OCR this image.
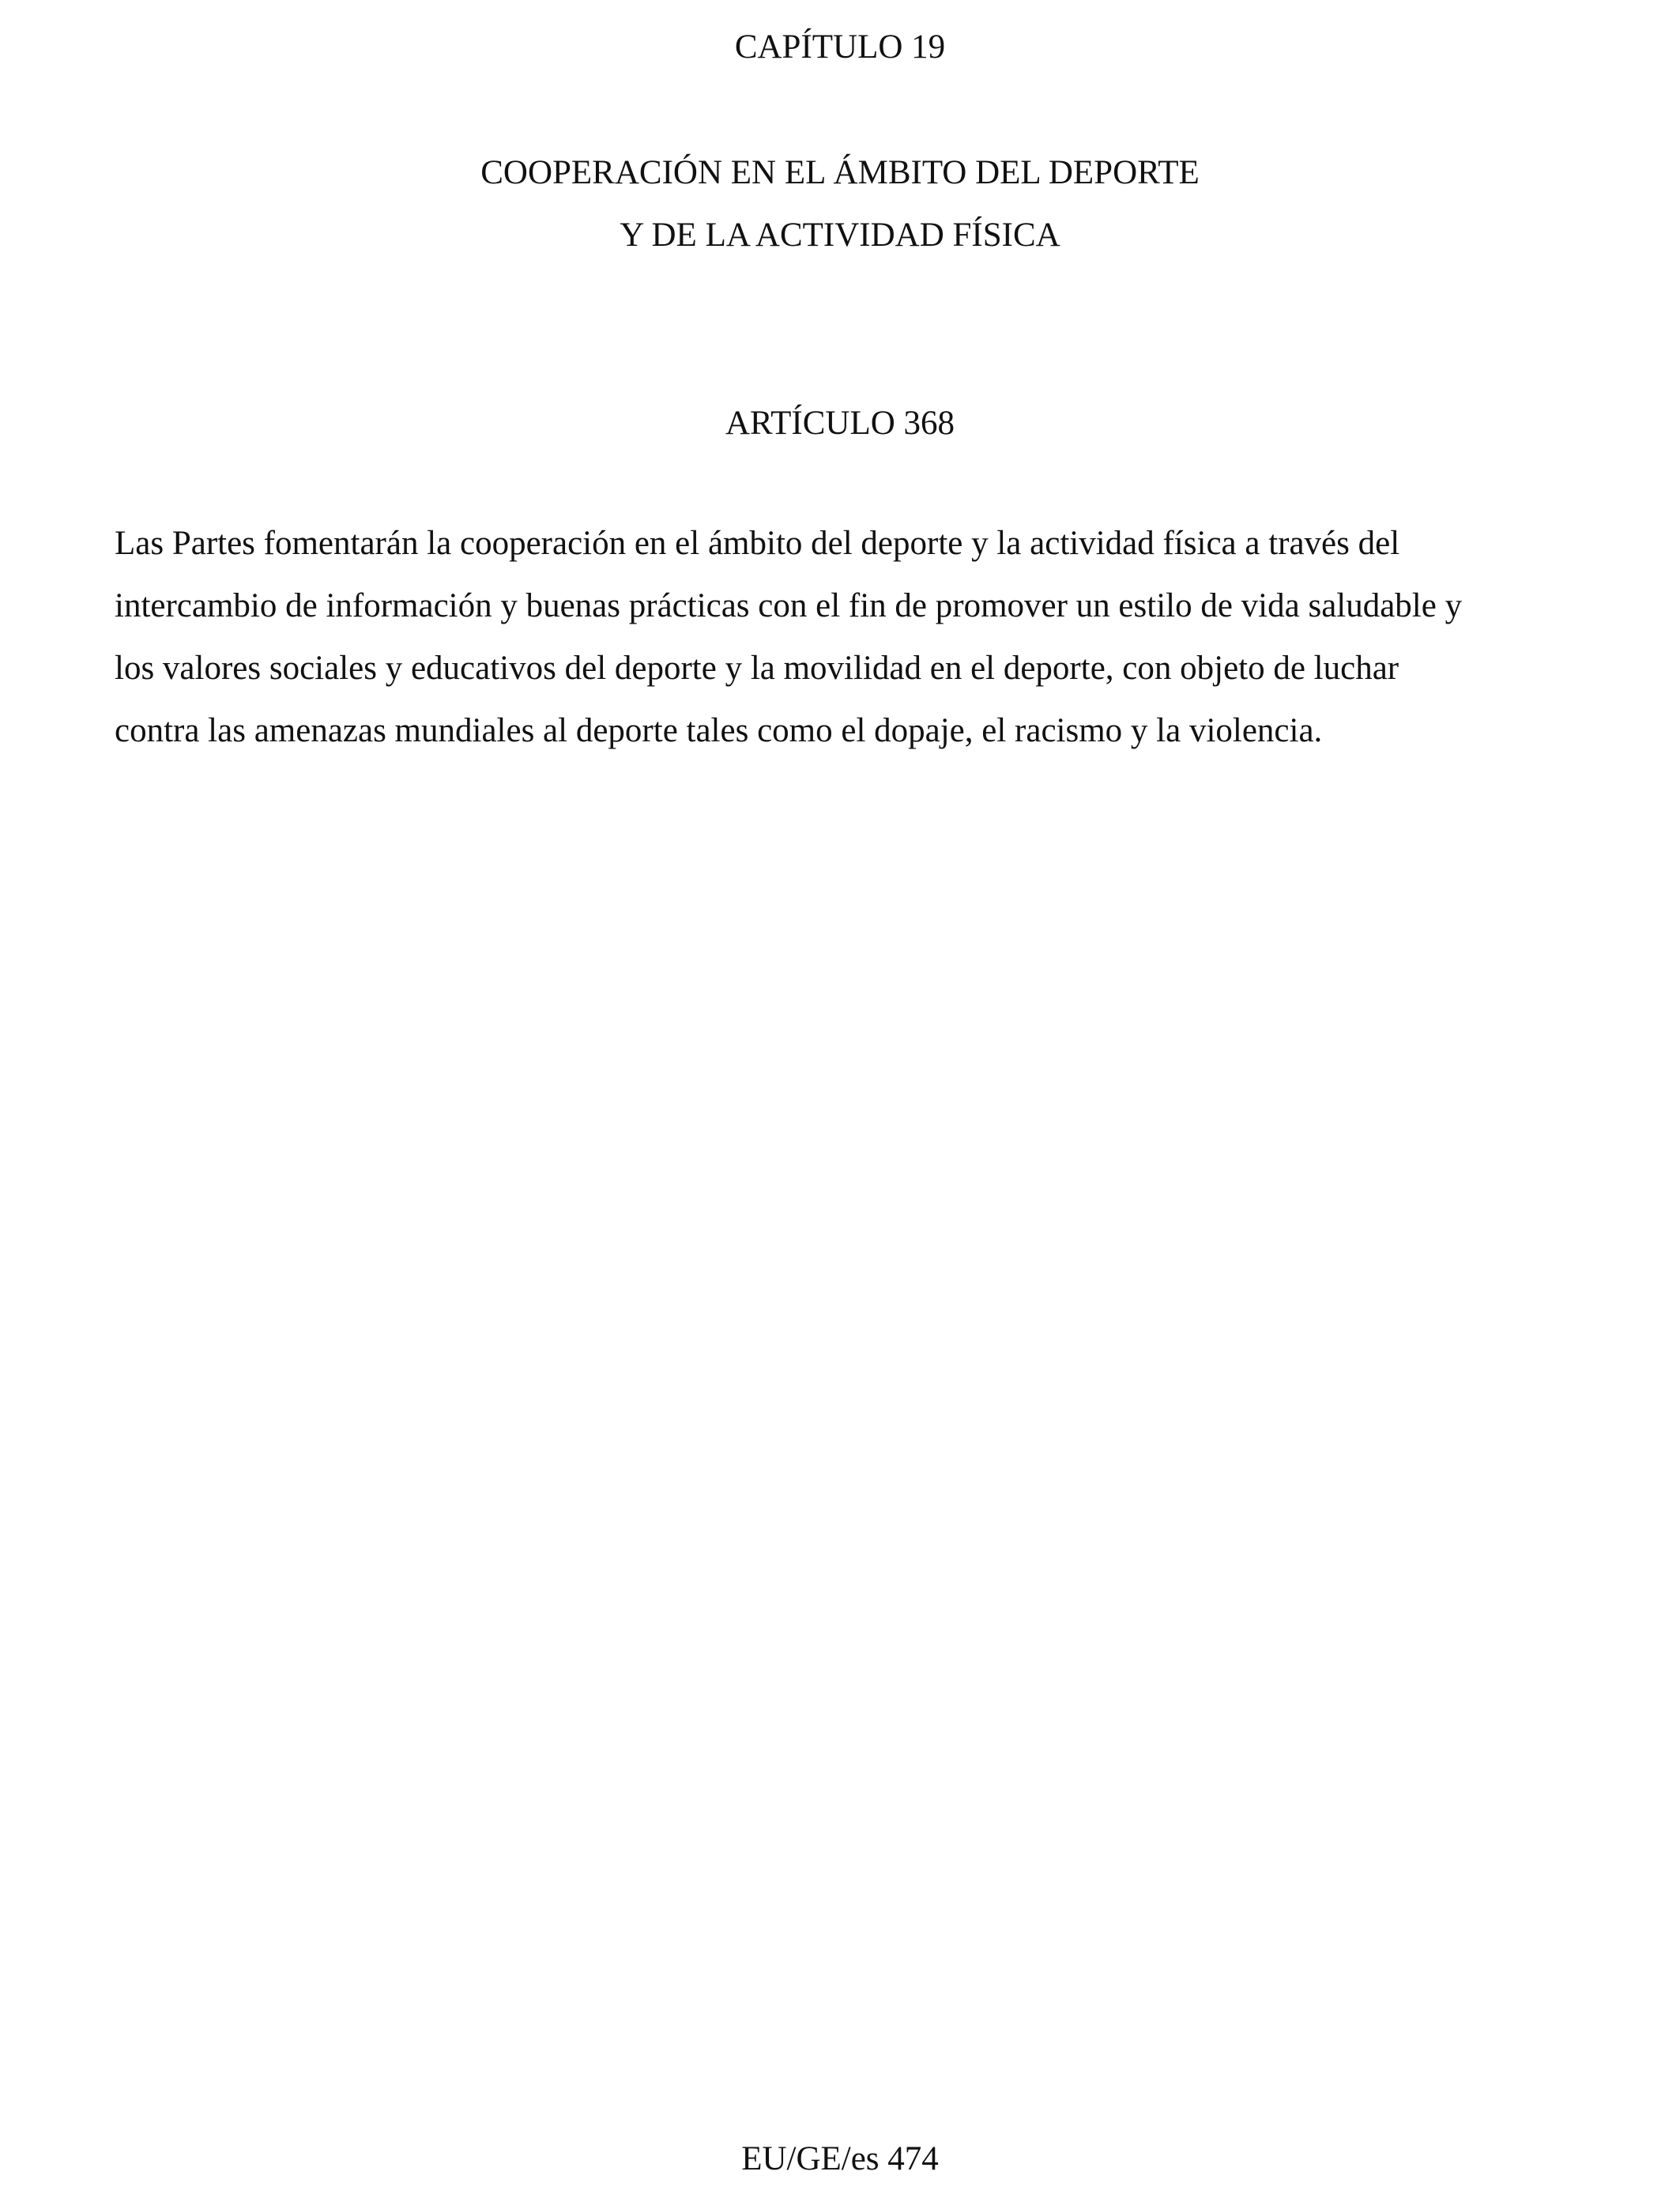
CAPÍTULO 19
COOPERACIÓN EN EL ÁMBITO DEL DEPORTE
Y DE LA ACTIVIDAD FÍSICA
ARTÍCULO 368
Las Partes fomentarán la cooperación en el ámbito del deporte y la actividad física a través del
intercambio de información y buenas prácticas con el fin de promover un estilo de vida saludable y
los valores sociales y educativos del deporte y la movilidad en el deporte, con objeto de luchar
contra las amenazas mundiales al deporte tales como el dopaje, el racismo y la violencia.
EU/GE/es 474
